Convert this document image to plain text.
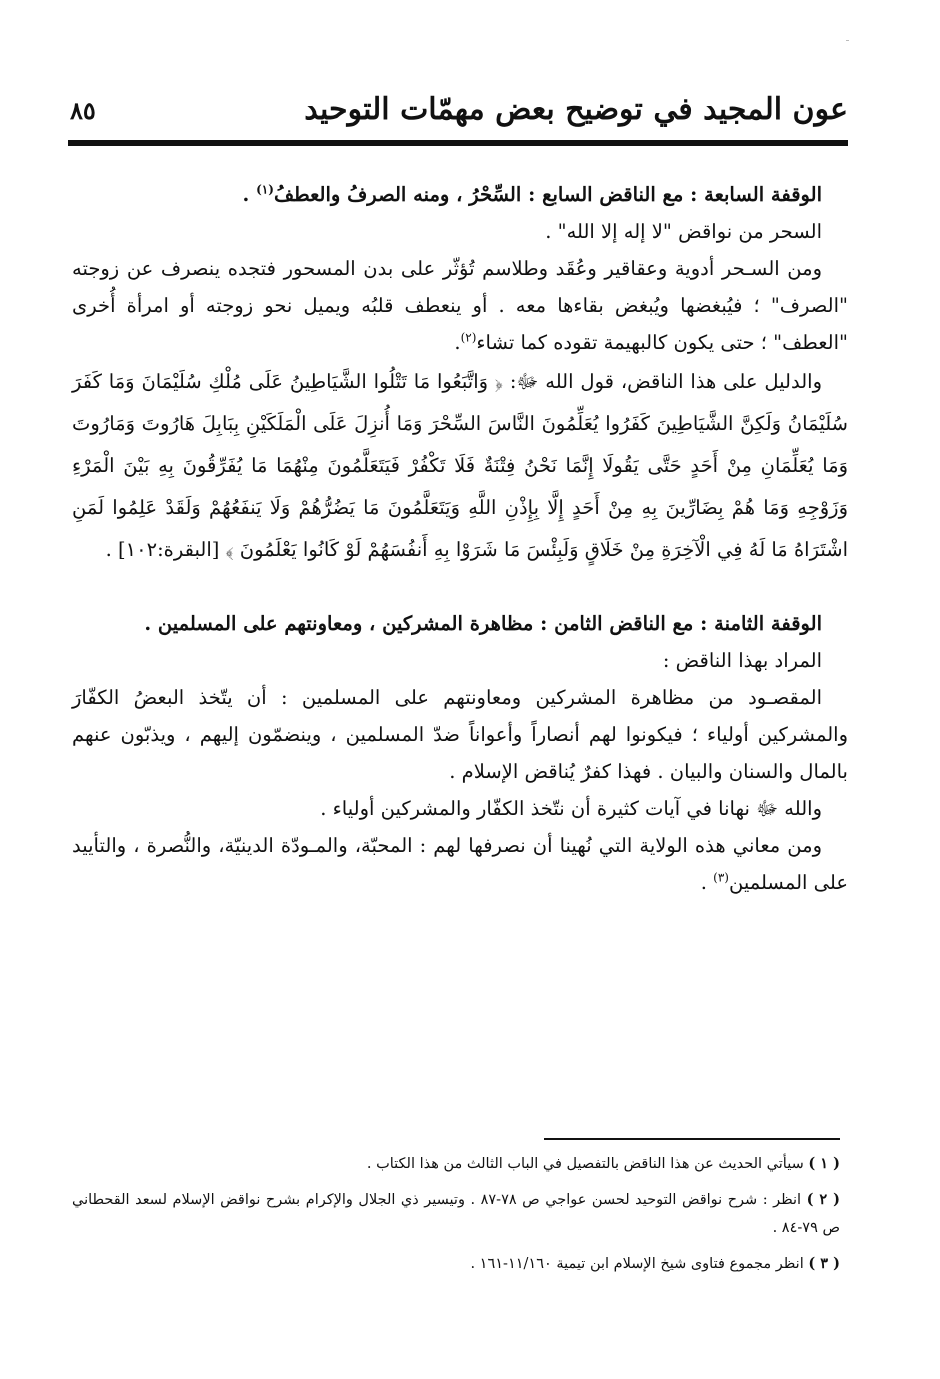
عون المجيد في توضيح بعض مهمّات التوحيد
٨٥

الوقفة السابعة : مع الناقض السابع : السِّحْرُ ، ومنه الصرفُ والعطفُ$^{(١)}$ .

السحر من نواقض "لا إله إلا الله" .

ومن السـحر أدوية وعقاقير وعُقَد وطلاسم تُؤثّر على بدن المسحور فتجده ينصرف عن زوجته "الصرف" ؛ فيُبغضها ويُبغض بقاءها معه . أو ينعطف قلبُه ويميل نحو زوجته أو امرأة أُخرى "العطف" ؛ حتى يكون كالبهيمة تقوده كما تشاء$^{(٢)}$.

والدليل على هذا الناقض، قول الله ﷻ: ﴿ وَاتَّبَعُوا مَا تَتْلُوا الشَّيَاطِينُ عَلَى مُلْكِ سُلَيْمَانَ وَمَا كَفَرَ سُلَيْمَانُ وَلَكِنَّ الشَّيَاطِينَ كَفَرُوا يُعَلِّمُونَ النَّاسَ السِّحْرَ وَمَا أُنزِلَ عَلَى الْمَلَكَيْنِ بِبَابِلَ هَارُوتَ وَمَارُوتَ وَمَا يُعَلِّمَانِ مِنْ أَحَدٍ حَتَّى يَقُولَا إِنَّمَا نَحْنُ فِتْنَةٌ فَلَا تَكْفُرْ فَيَتَعَلَّمُونَ مِنْهُمَا مَا يُفَرِّقُونَ بِهِ بَيْنَ الْمَرْءِ وَزَوْجِهِ وَمَا هُمْ بِضَارِّينَ بِهِ مِنْ أَحَدٍ إِلَّا بِإِذْنِ اللَّهِ وَيَتَعَلَّمُونَ مَا يَضُرُّهُمْ وَلَا يَنفَعُهُمْ وَلَقَدْ عَلِمُوا لَمَنِ اشْتَرَاهُ مَا لَهُ فِي الْآخِرَةِ مِنْ خَلَاقٍ وَلَبِئْسَ مَا شَرَوْا بِهِ أَنفُسَهُمْ لَوْ كَانُوا يَعْلَمُونَ ﴾ [البقرة:١٠٢] .

الوقفة الثامنة : مع الناقض الثامن : مظاهرة المشركين ، ومعاونتهم على المسلمين .

المراد بهذا الناقض :

المقصـود من مظاهرة المشركين ومعاونتهم على المسلمين : أن يتّخذ البعضُ الكفّارَ والمشركين أولياء ؛ فيكونوا لهم أنصاراً وأعواناً ضدّ المسلمين ، وينضمّون إليهم ، ويذبّون عنهم بالمال والسنان والبيان . فهذا كفرٌ يُناقض الإسلام .

والله ﷻ نهانا في آيات كثيرة أن نتّخذ الكفّار والمشركين أولياء .

ومن معاني هذه الولاية التي نُهينا أن نصرفها لهم : المحبّة، والمـودّة الدينيّة، والنُّصرة ، والتأييد على المسلمين$^{(٣)}$ .

( ١ ) سيأتي الحديث عن هذا الناقض بالتفصيل في الباب الثالث من هذا الكتاب .

( ٢ ) انظر : شرح نواقض التوحيد لحسن عواجي ص ٧٨-٨٧ . وتيسير ذي الجلال والإكرام بشرح نواقض الإسلام لسعد القحطاني ص ٧٩-٨٤ .

( ٣ ) انظر مجموع فتاوى شيخ الإسلام ابن تيمية ١١/١٦٠-١٦١ .
